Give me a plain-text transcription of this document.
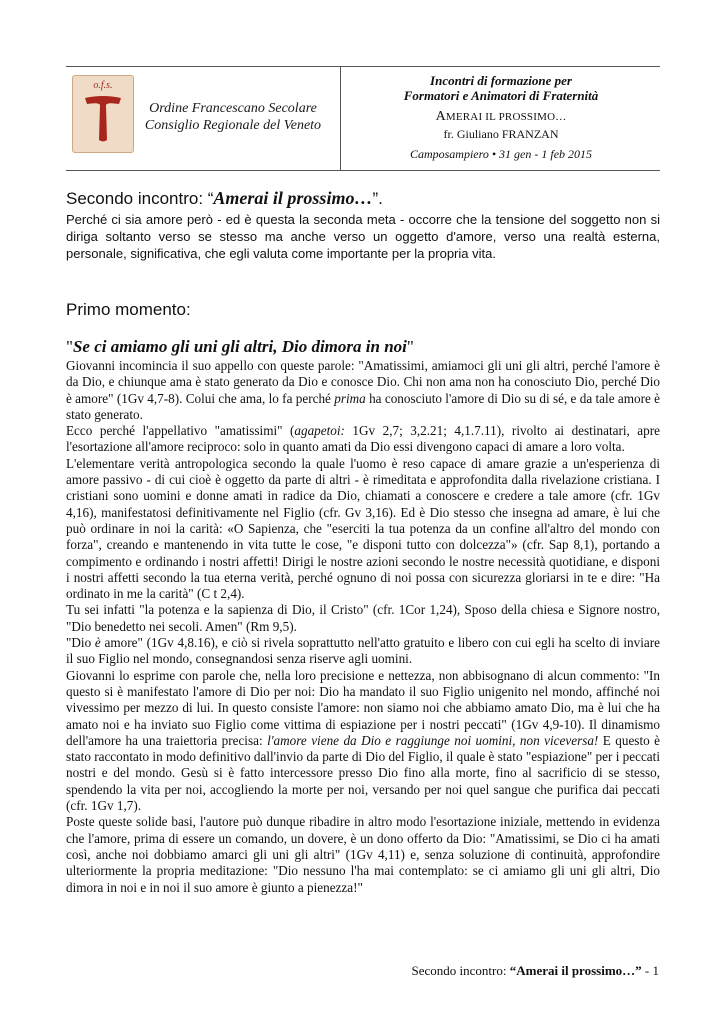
o.f.s.
Ordine Francescano Secolare
Consiglio Regionale del Veneto
Incontri di formazione per
Formatori e Animatori di Fraternità
AMERAI IL PROSSIMO…
fr. Giuliano FRANZAN
Camposampiero • 31 gen - 1 feb 2015
Secondo incontro: “Amerai il prossimo…”.
Perché ci sia amore però - ed è questa la seconda meta - occorre che la tensione del soggetto non si diriga soltanto verso se stesso ma anche verso un oggetto d'amore, verso una realtà esterna, personale, significativa, che egli valuta come importante per la propria vita.
Primo momento:
"Se ci amiamo gli uni gli altri, Dio dimora in noi"

Giovanni incomincia il suo appello con queste parole: "Amatissimi, amiamoci gli uni gli altri, perché l'amore è da Dio, e chiunque ama è stato generato da Dio e conosce Dio. Chi non ama non ha conosciuto Dio, perché Dio è amore" (1Gv 4,7-8). Colui che ama, lo fa perché prima ha conosciuto l'amore di Dio su di sé, e da tale amore è stato generato.

Ecco perché l'appellativo "amatissimi" (agapetoi: 1Gv 2,7; 3,2.21; 4,1.7.11), rivolto ai destinatari, apre l'esortazione all'amore reciproco: solo in quanto amati da Dio essi divengono capaci di amare a loro volta.

L'elementare verità antropologica secondo la quale l'uomo è reso capace di amare grazie a un'esperienza di amore passivo - di cui cioè è oggetto da parte di altri - è rimeditata e approfondita dalla rivelazione cristiana. I cristiani sono uomini e donne amati in radice da Dio, chiamati a conoscere e credere a tale amore (cfr. 1Gv 4,16), manifestatosi definitivamente nel Figlio (cfr. Gv 3,16). Ed è Dio stesso che insegna ad amare, è lui che può ordinare in noi la carità: «O Sapienza, che "eserciti la tua potenza da un confine all'altro del mondo con forza", creando e mantenendo in vita tutte le cose, "e disponi tutto con dolcezza"» (cfr. Sap 8,1), portando a compimento e ordinando i nostri affetti! Dirigi le nostre azioni secondo le nostre necessità quotidiane, e disponi i nostri affetti secondo la tua eterna verità, perché ognuno di noi possa con sicurezza gloriarsi in te e dire: "Ha ordinato in me la carità" (C t 2,4).

Tu sei infatti "la potenza e la sapienza di Dio, il Cristo" (cfr. 1Cor 1,24), Sposo della chiesa e Signore nostro, "Dio benedetto nei secoli. Amen" (Rm 9,5).

"Dio è amore" (1Gv 4,8.16), e ciò si rivela soprattutto nell'atto gratuito e libero con cui egli ha scelto di inviare il suo Figlio nel mondo, consegnandosi senza riserve agli uomini.

Giovanni lo esprime con parole che, nella loro precisione e nettezza, non abbisognano di alcun commento: "In questo si è manifestato l'amore di Dio per noi: Dio ha mandato il suo Figlio unigenito nel mondo, affinché noi vivessimo per mezzo di lui. In questo consiste l'amore: non siamo noi che abbiamo amato Dio, ma è lui che ha amato noi e ha inviato suo Figlio come vittima di espiazione per i nostri peccati" (1Gv 4,9-10). Il dinamismo dell'amore ha una traiettoria precisa: l'amore viene da Dio e raggiunge noi uomini, non viceversa! E questo è stato raccontato in modo definitivo dall'invio da parte di Dio del Figlio, il quale è stato "espiazione" per i peccati nostri e del mondo. Gesù si è fatto intercessore presso Dio fino alla morte, fino al sacrificio di se stesso, spendendo la vita per noi, accogliendo la morte per noi, versando per noi quel sangue che purifica dai peccati (cfr. 1Gv 1,7).

Poste queste solide basi, l'autore può dunque ribadire in altro modo l'esortazione iniziale, mettendo in evidenza che l'amore, prima di essere un comando, un dovere, è un dono offerto da Dio: "Amatissimi, se Dio ci ha amati così, anche noi dobbiamo amarci gli uni gli altri" (1Gv 4,11) e, senza soluzione di continuità, approfondire ulteriormente la propria meditazione: "Dio nessuno l'ha mai contemplato: se ci amiamo gli uni gli altri, Dio dimora in noi e in noi il suo amore è giunto a pienezza!"

Secondo incontro: “Amerai il prossimo…” - 1
